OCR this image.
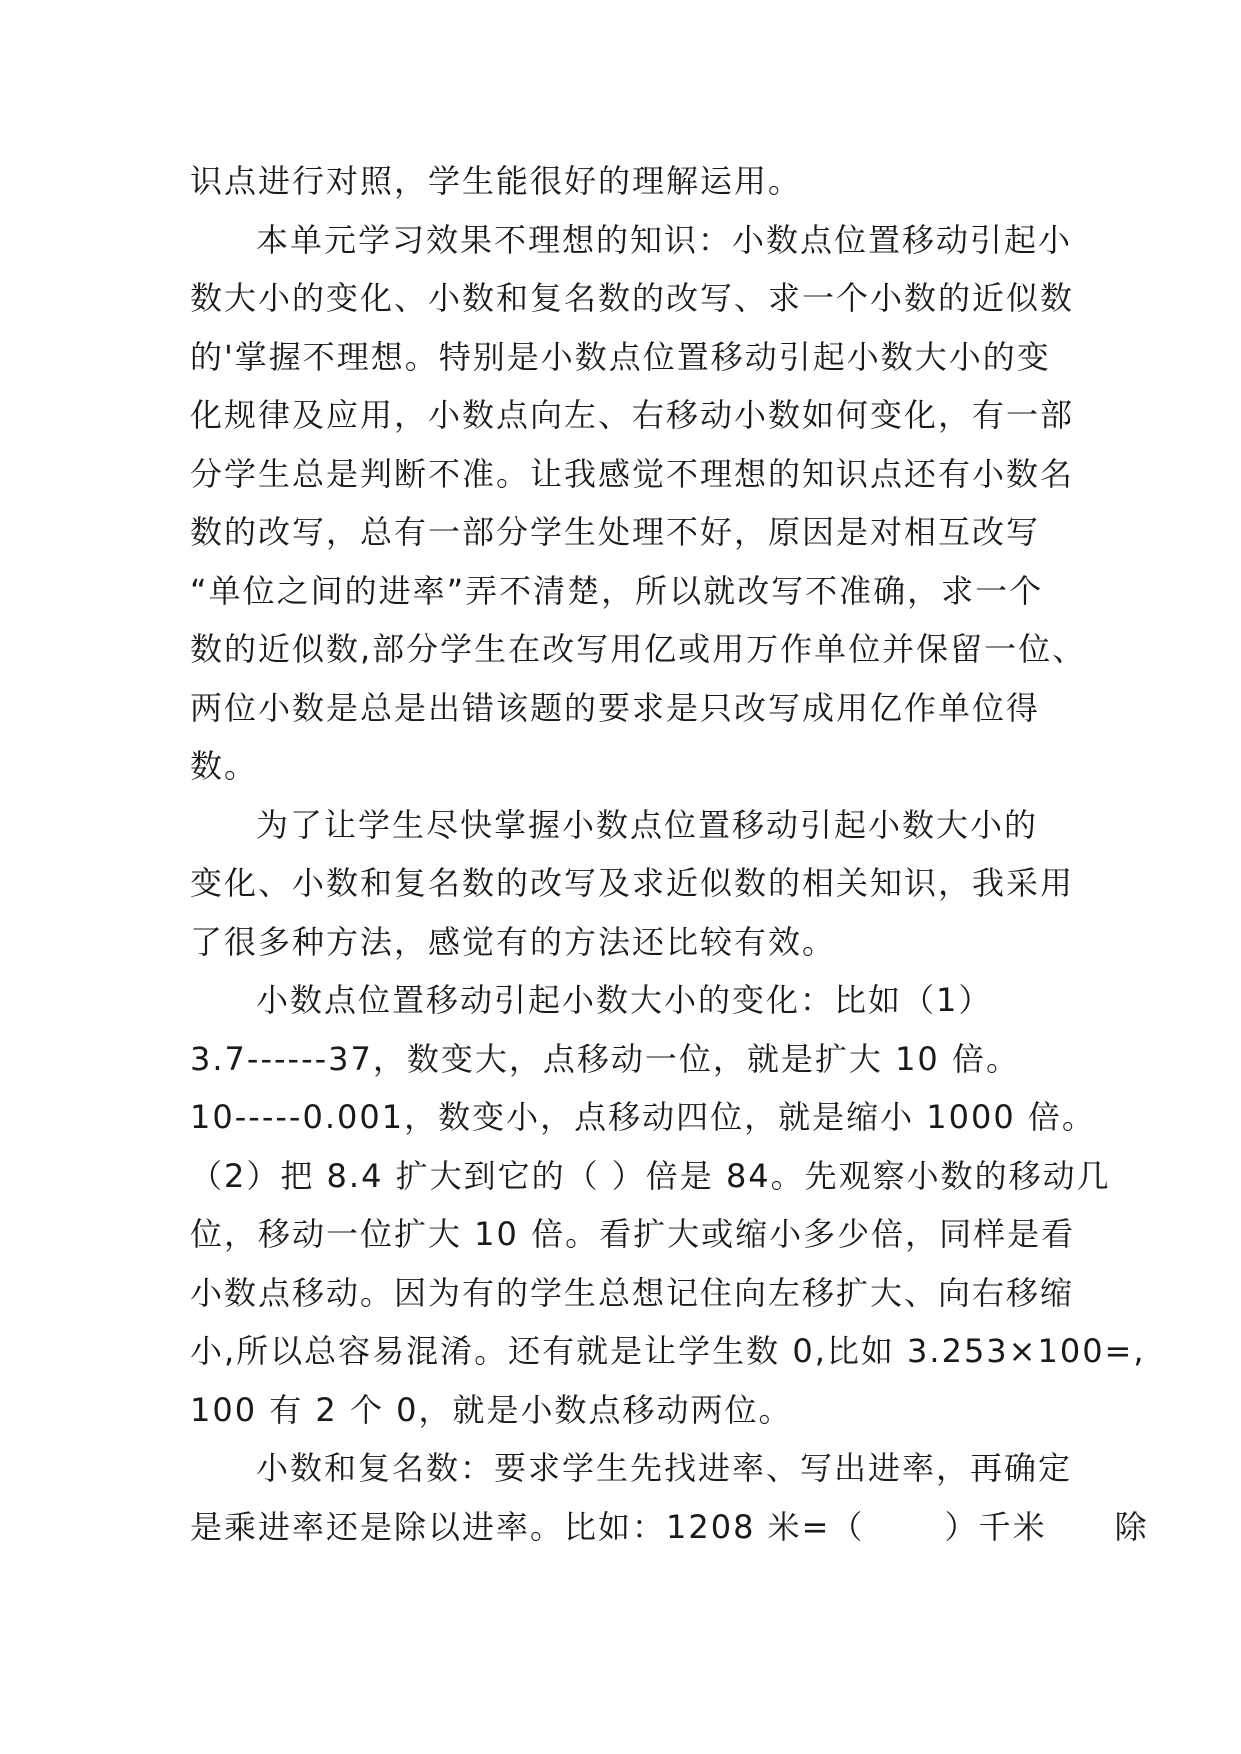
识点进行对照，学生能很好的理解运用。
本单元学习效果不理想的知识：小数点位置移动引起小
数大小的变化、小数和复名数的改写、求一个小数的近似数
的'掌握不理想。特别是小数点位置移动引起小数大小的变
化规律及应用，小数点向左、右移动小数如何变化，有一部
分学生总是判断不准。让我感觉不理想的知识点还有小数名
数的改写，总有一部分学生处理不好，原因是对相互改写
“单位之间的进率”弄不清楚，所以就改写不准确，求一个
数的近似数,部分学生在改写用亿或用万作单位并保留一位、
两位小数是总是出错该题的要求是只改写成用亿作单位得
数。
为了让学生尽快掌握小数点位置移动引起小数大小的
变化、小数和复名数的改写及求近似数的相关知识，我采用
了很多种方法，感觉有的方法还比较有效。
小数点位置移动引起小数大小的变化：比如（1）
3.7------37，数变大，点移动一位，就是扩大 10 倍。
10-----0.001，数变小，点移动四位，就是缩小 1000 倍。
（2）把 8.4 扩大到它的（ ）倍是 84。先观察小数的移动几
位，移动一位扩大 10 倍。看扩大或缩小多少倍，同样是看
小数点移动。因为有的学生总想记住向左移扩大、向右移缩
小,所以总容易混淆。还有就是让学生数 0,比如 3.253×100=,
100 有 2 个 0，就是小数点移动两位。
小数和复名数：要求学生先找进率、写出进率，再确定
是乘进率还是除以进率。比如：1208 米=（　　 ）千米　　除
